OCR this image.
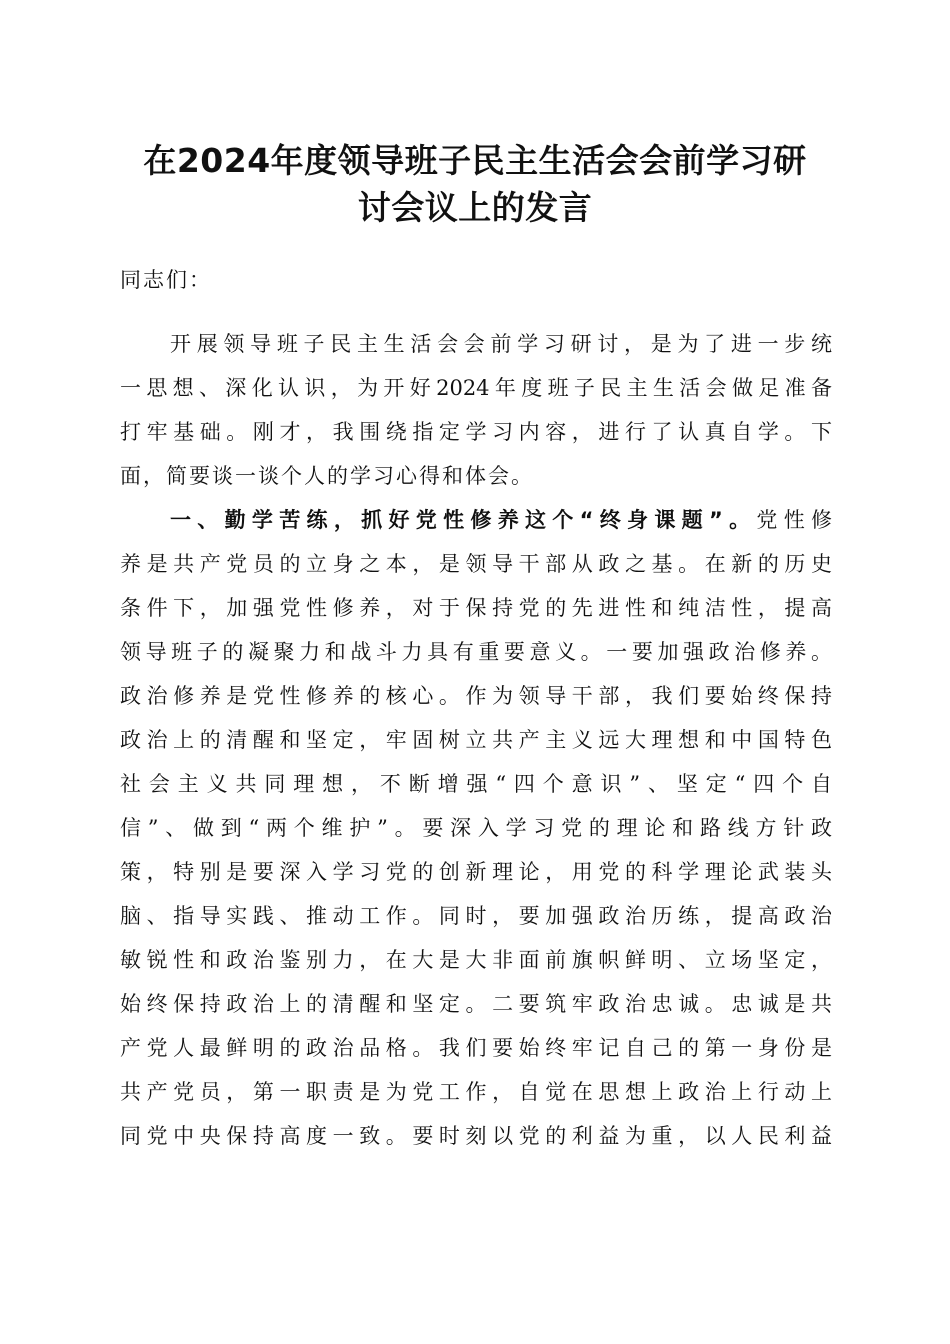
在2024年度领导班子民主生活会会前学习研
讨会议上的发言
同志们：
开展领导班子民主生活会会前学习研讨，是为了进一步统
一思想、深化认识，为开好2024年度班子民主生活会做足准备
打牢基础。刚才，我围绕指定学习内容，进行了认真自学。下
面，简要谈一谈个人的学习心得和体会。
一、勤学苦练，抓好党性修养这个“终身课题”。党性修
养是共产党员的立身之本，是领导干部从政之基。在新的历史
条件下，加强党性修养，对于保持党的先进性和纯洁性，提高
领导班子的凝聚力和战斗力具有重要意义。一要加强政治修养。
政治修养是党性修养的核心。作为领导干部，我们要始终保持
政治上的清醒和坚定，牢固树立共产主义远大理想和中国特色
社会主义共同理想，不断增强“四个意识”、坚定“四个自
信”、做到“两个维护”。要深入学习党的理论和路线方针政
策，特别是要深入学习党的创新理论，用党的科学理论武装头
脑、指导实践、推动工作。同时，要加强政治历练，提高政治
敏锐性和政治鉴别力，在大是大非面前旗帜鲜明、立场坚定，
始终保持政治上的清醒和坚定。二要筑牢政治忠诚。忠诚是共
产党人最鲜明的政治品格。我们要始终牢记自己的第一身份是
共产党员，第一职责是为党工作，自觉在思想上政治上行动上
同党中央保持高度一致。要时刻以党的利益为重，以人民利益
